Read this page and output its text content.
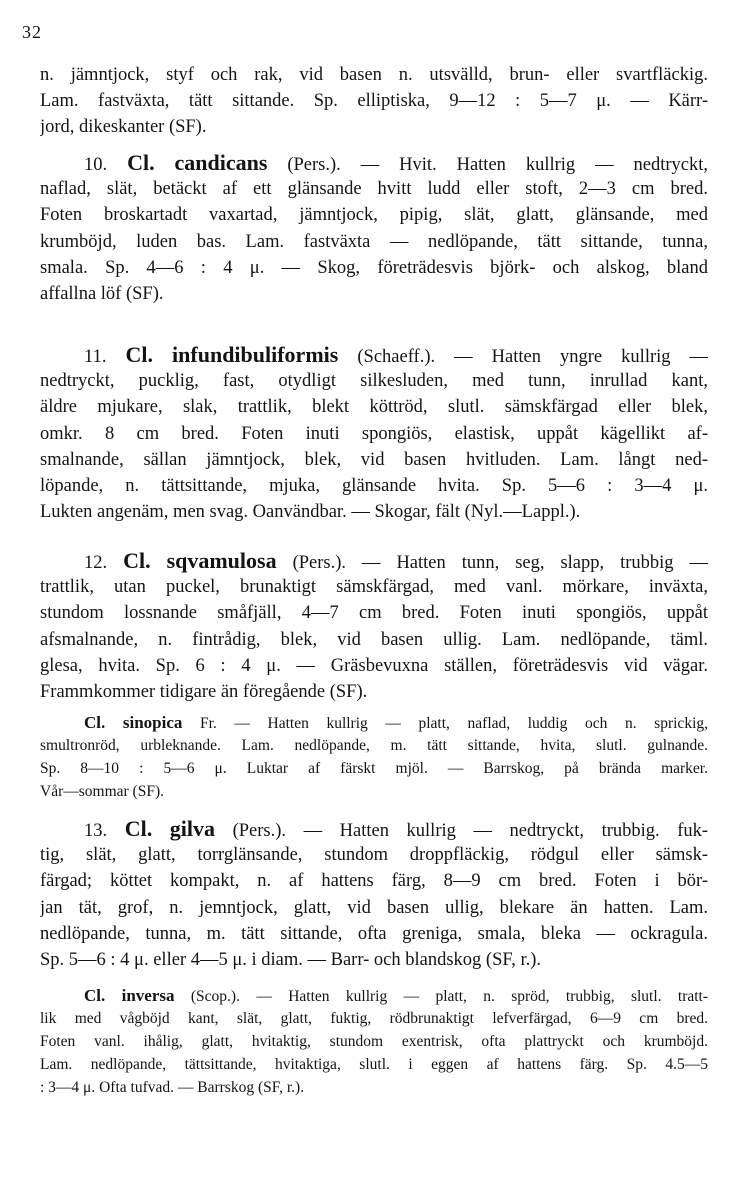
32
n. jämntjock, styf och rak, vid basen n. utsvälld, brun- eller svartfläckig.
Lam. fastväxta, tätt sittande. Sp. elliptiska, 9—12 : 5—7 μ. — Kärr-
jord, dikeskanter (SF).
10. Cl. candicans (Pers.). — Hvit. Hatten kullrig — nedtryckt,
naflad, slät, betäckt af ett glänsande hvitt ludd eller stoft, 2—3 cm bred.
Foten broskartadt vaxartad, jämntjock, pipig, slät, glatt, glänsande, med
krumböjd, luden bas. Lam. fastväxta — nedlöpande, tätt sittande, tunna,
smala. Sp. 4—6 : 4 μ. — Skog, företrädesvis björk- och alskog, bland
affallna löf (SF).
11. Cl. infundibuliformis (Schaeff.). — Hatten yngre kullrig —
nedtryckt, pucklig, fast, otydligt silkesluden, med tunn, inrullad kant,
äldre mjukare, slak, trattlik, blekt köttröd, slutl. sämskfärgad eller blek,
omkr. 8 cm bred. Foten inuti spongiös, elastisk, uppåt kägellikt af-
smalnande, sällan jämntjock, blek, vid basen hvitluden. Lam. långt ned-
löpande, n. tättsittande, mjuka, glänsande hvita. Sp. 5—6 : 3—4 μ.
Lukten angenäm, men svag. Oanvändbar. — Skogar, fält (Nyl.—Lappl.).
12. Cl. sqvamulosa (Pers.). — Hatten tunn, seg, slapp, trubbig —
trattlik, utan puckel, brunaktigt sämskfärgad, med vanl. mörkare, inväxta,
stundom lossnande småfjäll, 4—7 cm bred. Foten inuti spongiös, uppåt
afsmalnande, n. fintrådig, blek, vid basen ullig. Lam. nedlöpande, täml.
glesa, hvita. Sp. 6 : 4 μ. — Gräsbevuxna ställen, företrädesvis vid vägar.
Frammkommer tidigare än föregående (SF).
Cl. sinopica Fr. — Hatten kullrig — platt, naflad, luddig och n. sprickig,
smultronröd, urbleknande. Lam. nedlöpande, m. tätt sittande, hvita, slutl. gulnande.
Sp. 8—10 : 5—6 μ. Luktar af färskt mjöl. — Barrskog, på brända marker.
Vår—sommar (SF).
13. Cl. gilva (Pers.). — Hatten kullrig — nedtryckt, trubbig. fuk-
tig, slät, glatt, torrglänsande, stundom droppfläckig, rödgul eller sämsk-
färgad; köttet kompakt, n. af hattens färg, 8—9 cm bred. Foten i bör-
jan tät, grof, n. jemntjock, glatt, vid basen ullig, blekare än hatten. Lam.
nedlöpande, tunna, m. tätt sittande, ofta greniga, smala, bleka — ockragula.
Sp. 5—6 : 4 μ. eller 4—5 μ. i diam. — Barr- och blandskog (SF, r.).
Cl. inversa (Scop.). — Hatten kullrig — platt, n. spröd, trubbig, slutl. tratt-
lik med vågböjd kant, slät, glatt, fuktig, rödbrunaktigt lefverfärgad, 6—9 cm bred.
Foten vanl. ihålig, glatt, hvitaktig, stundom exentrisk, ofta plattryckt och krumböjd.
Lam. nedlöpande, tättsittande, hvitaktiga, slutl. i eggen af hattens färg. Sp. 4.5—5
: 3—4 μ. Ofta tufvad. — Barrskog (SF, r.).
